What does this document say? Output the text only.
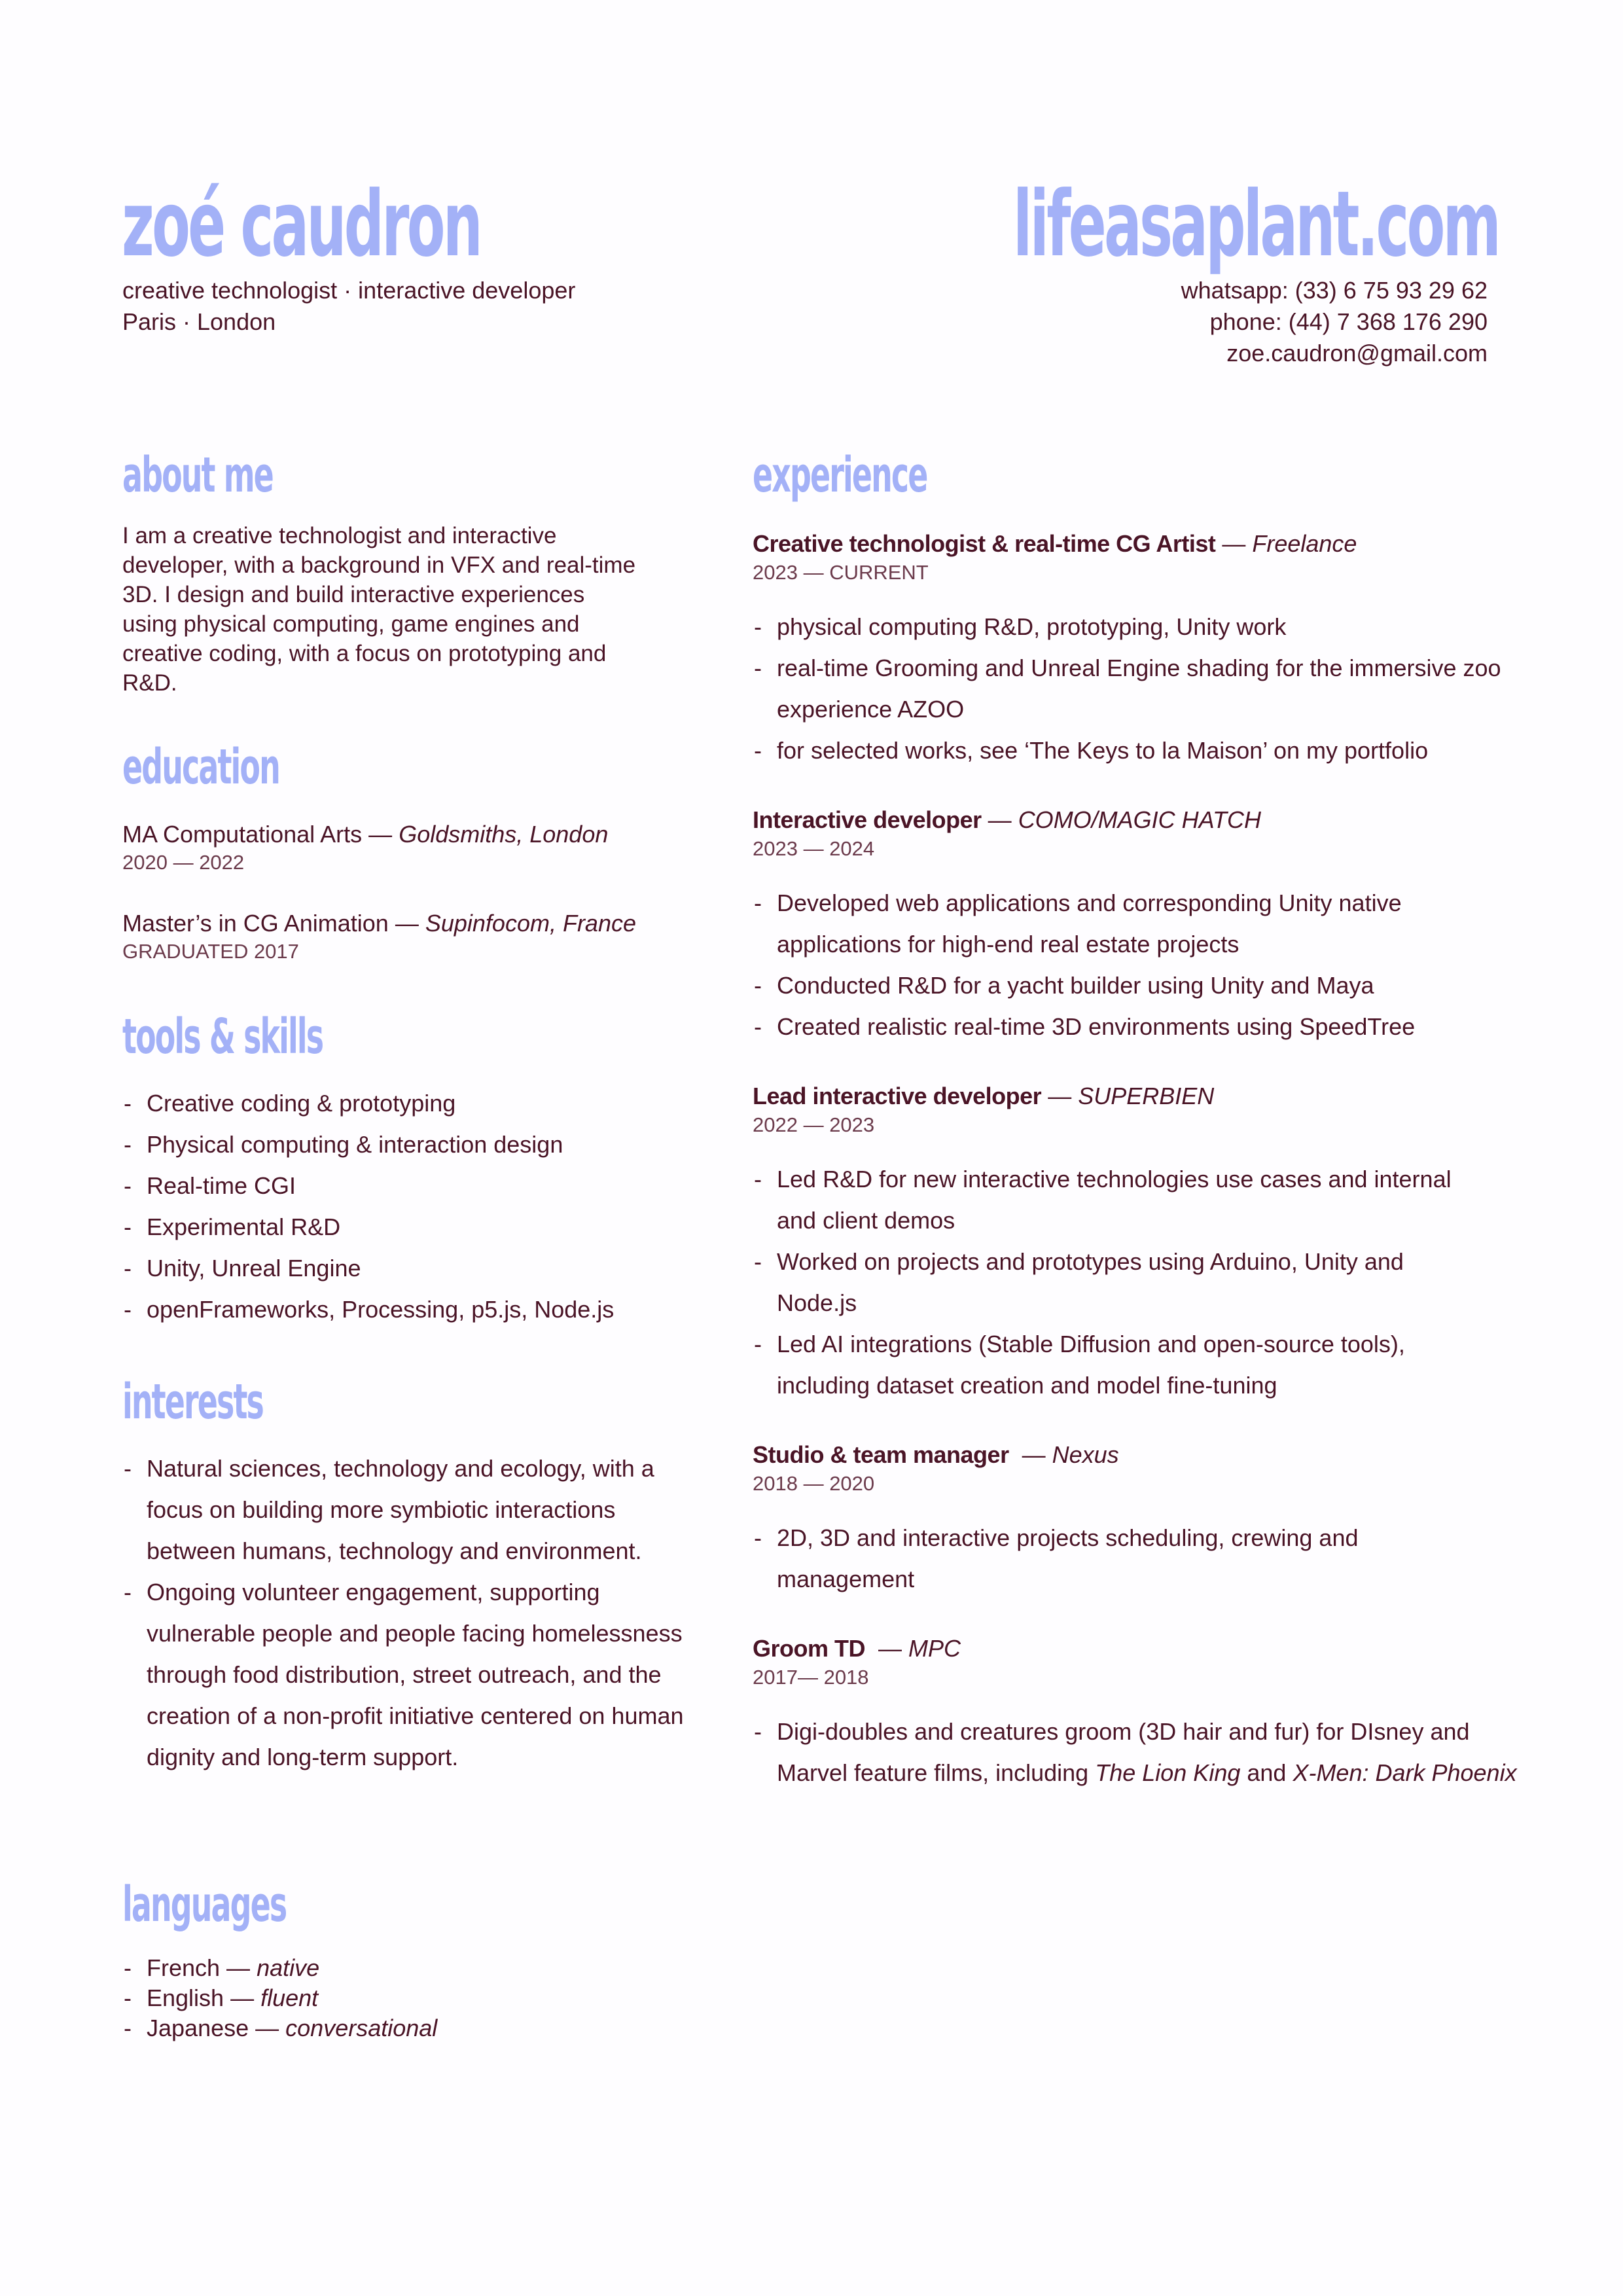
zoé caudron	lifeasaplant.com
creative technologist · interactive developer
Paris · London
whatsapp: (33) 6 75 93 29 62
phone: (44) 7 368 176 290
zoe.caudron@gmail.com
about me
I am a creative technologist and interactive developer, with a background in VFX and real-time 3D. I design and build interactive experiences using physical computing, game engines and creative coding, with a focus on prototyping and R&D.
education
MA Computational Arts — Goldsmiths, London
2020 — 2022
Master’s in CG Animation — Supinfocom, France
GRADUATED 2017
tools & skills
- Creative coding & prototyping
- Physical computing & interaction design
- Real-time CGI
- Experimental R&D
- Unity, Unreal Engine
- openFrameworks, Processing, p5.js, Node.js
interests
- Natural sciences, technology and ecology, with a focus on building more symbiotic interactions between humans, technology and environment.
- Ongoing volunteer engagement, supporting vulnerable people and people facing homelessness through food distribution, street outreach, and the creation of a non-profit initiative centered on human dignity and long-term support.
languages
- French — native
- English — fluent
- Japanese — conversational
experience
Creative technologist & real-time CG Artist — Freelance
2023 — CURRENT
- physical computing R&D, prototyping, Unity work
- real-time Grooming and Unreal Engine shading for the immersive zoo experience AZOO
- for selected works, see ‘The Keys to la Maison’ on my portfolio
Interactive developer — COMO/MAGIC HATCH
2023 — 2024
- Developed web applications and corresponding Unity native applications for high-end real estate projects
- Conducted R&D for a yacht builder using Unity and Maya
- Created realistic real-time 3D environments using SpeedTree
Lead interactive developer — SUPERBIEN
2022 — 2023
- Led R&D for new interactive technologies use cases and internal and client demos
- Worked on projects and prototypes using Arduino, Unity and Node.js
- Led AI integrations (Stable Diffusion and open-source tools), including dataset creation and model fine-tuning
Studio & team manager  — Nexus
2018 — 2020
- 2D, 3D and interactive projects scheduling, crewing and management
Groom TD  — MPC
2017— 2018
- Digi-doubles and creatures groom (3D hair and fur) for DIsney and Marvel feature films, including The Lion King and X-Men: Dark Phoenix
